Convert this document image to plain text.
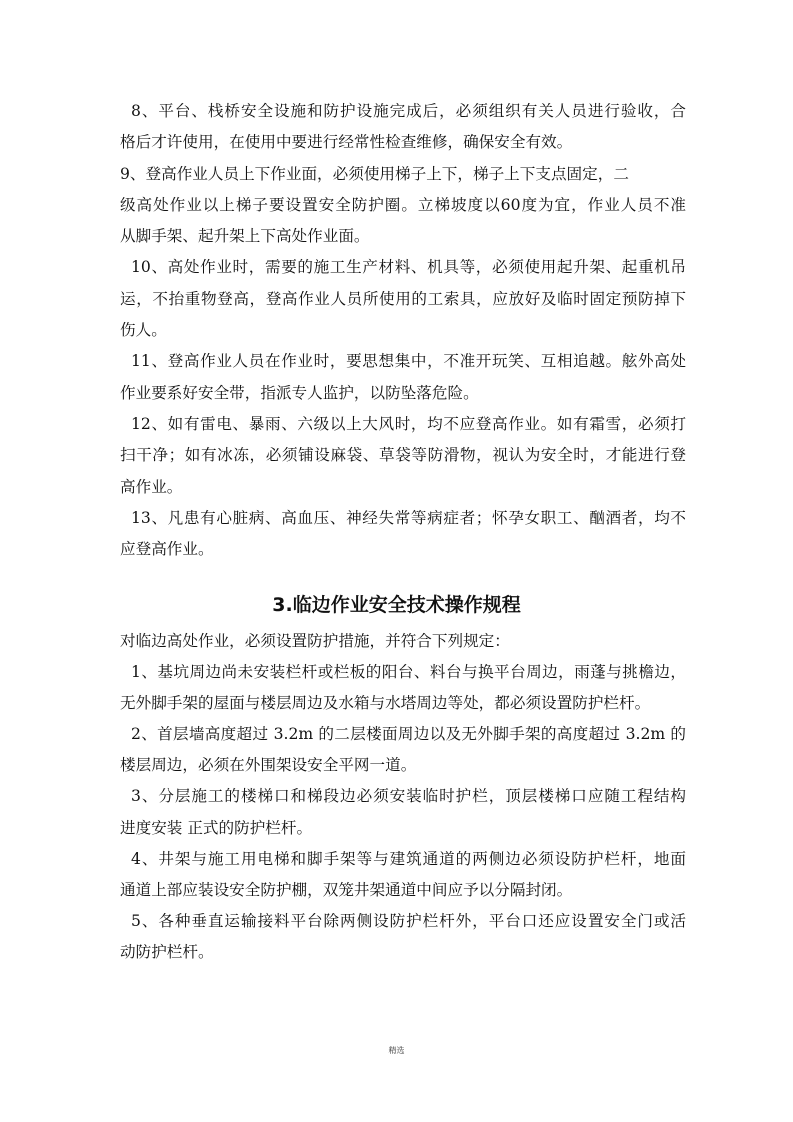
8、平台、栈桥安全设施和防护设施完成后，必须组织有关人员进行验收，合
格后才许使用，在使用中要进行经常性检查维修，确保安全有效。
9、登高作业人员上下作业面，必须使用梯子上下，梯子上下支点固定，二
级高处作业以上梯子要设置安全防护圈。立梯坡度以60度为宜，作业人员不准
从脚手架、起升架上下高处作业面。
10、高处作业时，需要的施工生产材料、机具等，必须使用起升架、起重机吊
运，不抬重物登高，登高作业人员所使用的工索具，应放好及临时固定预防掉下
伤人。
11、登高作业人员在作业时，要思想集中，不准开玩笑、互相追越。舷外高处
作业要系好安全带，指派专人监护，以防坠落危险。
12、如有雷电、暴雨、六级以上大风时，均不应登高作业。如有霜雪，必须打
扫干净；如有冰冻，必须铺设麻袋、草袋等防滑物，视认为安全时，才能进行登
高作业。
13、凡患有心脏病、高血压、神经失常等病症者；怀孕女职工、酗酒者，均不
应登高作业。
3.临边作业安全技术操作规程
对临边高处作业，必须设置防护措施，并符合下列规定：
1、基坑周边尚未安装栏杆或栏板的阳台、料台与换平台周边，雨蓬与挑檐边，
无外脚手架的屋面与楼层周边及水箱与水塔周边等处，都必须设置防护栏杆。
2、首层墙高度超过 3.2m 的二层楼面周边以及无外脚手架的高度超过 3.2m 的
楼层周边，必须在外围架设安全平网一道。
3、分层施工的楼梯口和梯段边必须安装临时护栏，顶层楼梯口应随工程结构
进度安装 正式的防护栏杆。
4、井架与施工用电梯和脚手架等与建筑通道的两侧边必须设防护栏杆，地面
通道上部应装设安全防护棚，双笼井架通道中间应予以分隔封闭。
5、各种垂直运输接料平台除两侧设防护栏杆外，平台口还应设置安全门或活
动防护栏杆。
精选
